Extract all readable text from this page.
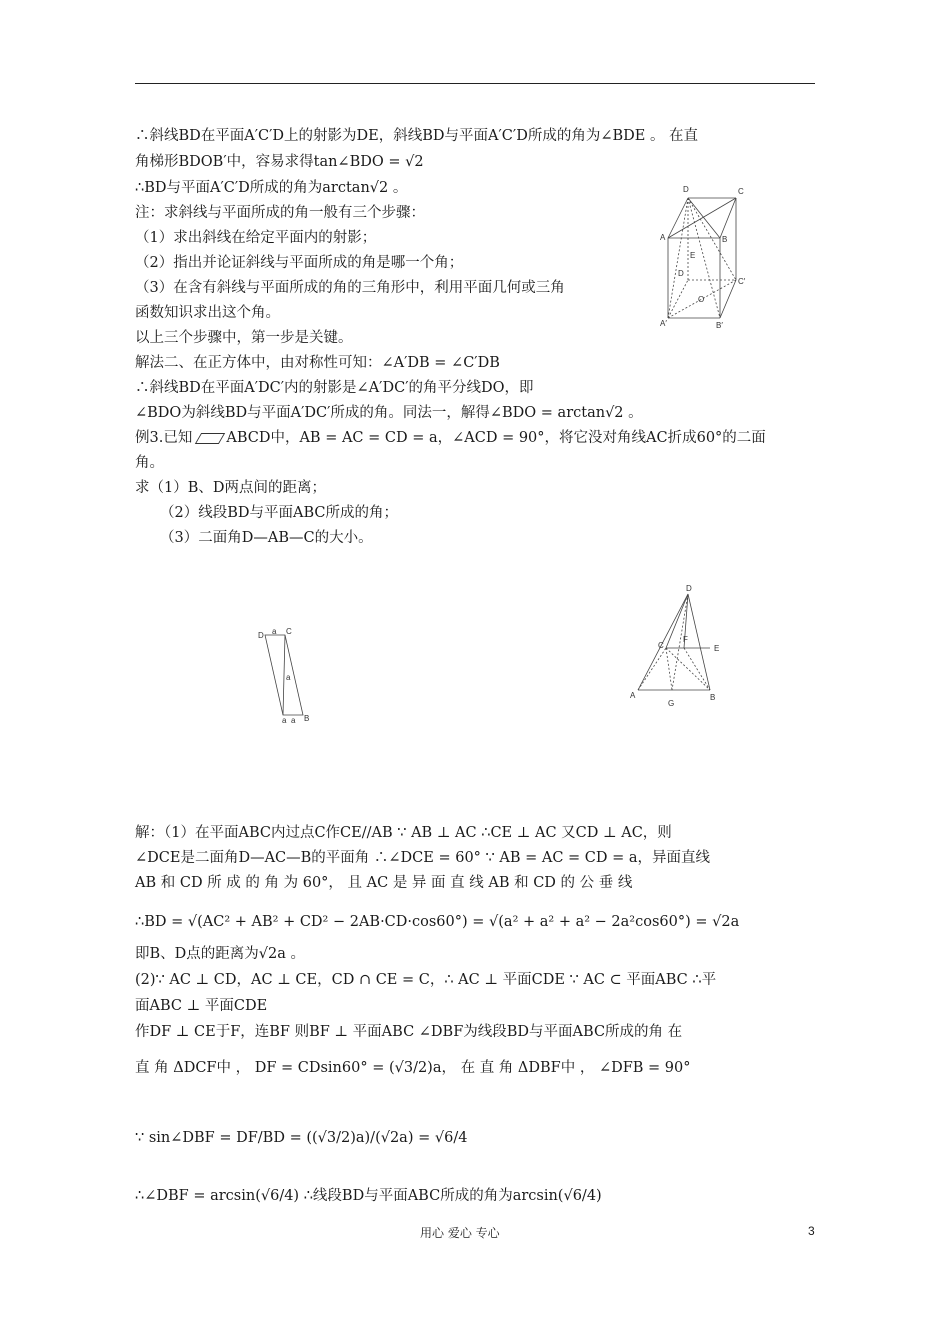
∴斜线BD在平面A′C′D上的射影为DE，斜线BD与平面A′C′D所成的角为∠BDE 。 在直
角梯形BDOB′中，容易求得tan∠BDO = √2
∴BD与平面A′C′D所成的角为arctan√2 。
注：求斜线与平面所成的角一般有三个步骤：
（1）求出斜线在给定平面内的射影；
（2）指出并论证斜线与平面所成的角是哪一个角；
（3）在含有斜线与平面所成的角的三角形中，利用平面几何或三角
函数知识求出这个角。
以上三个步骤中，第一步是关键。
解法二、在正方体中，由对称性可知：∠A′DB = ∠C′DB
∴斜线BD在平面A′DC′内的射影是∠A′DC′的角平分线DO，即
∠BDO为斜线BD与平面A′DC′所成的角。同法一，解得∠BDO = arctan√2 。
例3.已知 ABCD中，AB = AC = CD = a，∠ACD = 90°，将它没对角线AC折成60°的二面
角。
求（1）B、D两点间的距离；
（2）线段BD与平面ABC所成的角；
（3）二面角D—AB—C的大小。
解：（1）在平面ABC内过点C作CE//AB ∵ AB ⊥ AC ∴CE ⊥ AC 又CD ⊥ AC，则
∠DCE是二面角D—AC—B的平面角 ∴∠DCE = 60° ∵ AB = AC = CD = a，异面直线
AB 和 CD 所 成 的 角 为 60°， 且 AC 是 异 面 直 线 AB 和 CD 的 公 垂 线
∴BD = √(AC² + AB² + CD² − 2AB·CD·cos60°) = √(a² + a² + a² − 2a²cos60°) = √2a
即B、D点的距离为√2a 。
(2)∵ AC ⊥ CD，AC ⊥ CE，CD ∩ CE = C，∴ AC ⊥ 平面CDE ∵ AC ⊂ 平面ABC ∴平
面ABC ⊥ 平面CDE
作DF ⊥ CE于F，连BF 则BF ⊥ 平面ABC ∠DBF为线段BD与平面ABC所成的角 在
直 角 ΔDCF中 ， DF = CDsin60° = (√3/2)a， 在 直 角 ΔDBF中 ， ∠DFB = 90°
∵ sin∠DBF = DF/BD = ((√3/2)a)/(√2a) = √6/4
∴∠DBF = arcsin(√6/4) ∴线段BD与平面ABC所成的角为arcsin(√6/4)
D	C
A	B
E
D
O
C′
A′	B′
D a C
a
a a B
D
C
F
E
A
G
B
用心 爱心 专心	3
